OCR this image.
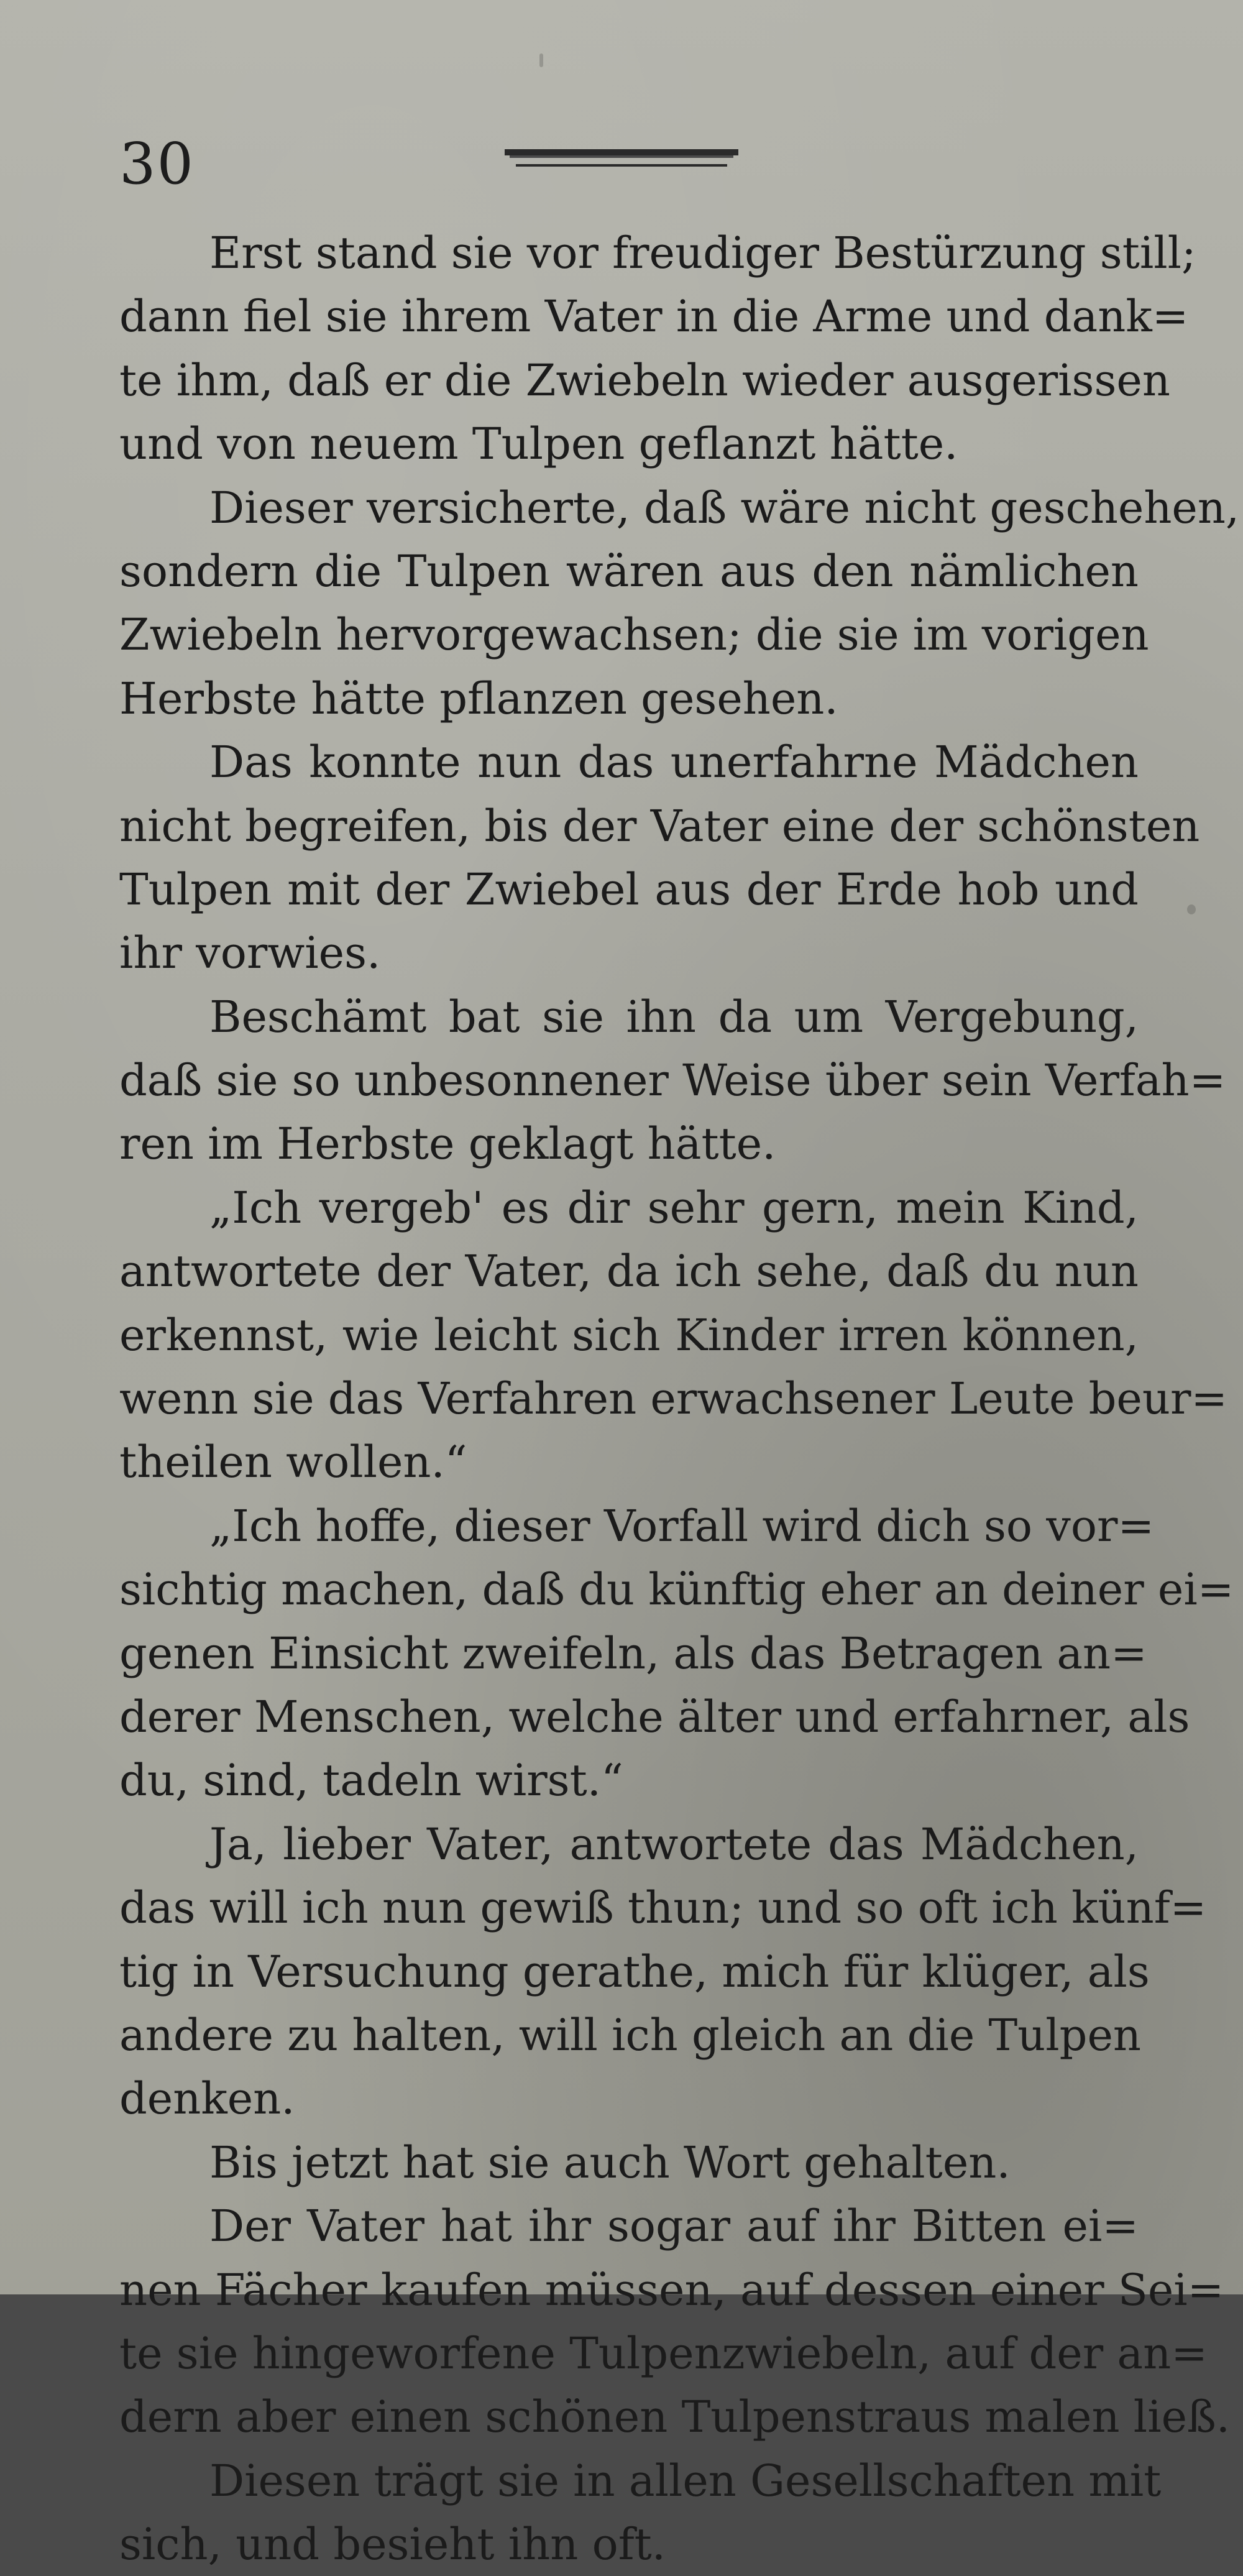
30
Erst stand sie vor freudiger Bestürzung still;
dann fiel sie ihrem Vater in die Arme und dank=
te ihm, daß er die Zwiebeln wieder ausgerissen
und von neuem Tulpen geflanzt hätte.
Dieser versicherte, daß wäre nicht geschehen,
sondern die Tulpen wären aus den nämlichen
Zwiebeln hervorgewachsen; die sie im vorigen
Herbste hätte pflanzen gesehen.
Das konnte nun das unerfahrne Mädchen
nicht begreifen, bis der Vater eine der schönsten
Tulpen mit der Zwiebel aus der Erde hob und
ihr vorwies.
Beschämt bat sie ihn da um Vergebung,
daß sie so unbesonnener Weise über sein Verfah=
ren im Herbste geklagt hätte.
„Ich vergeb' es dir sehr gern, mein Kind,
antwortete der Vater, da ich sehe, daß du nun
erkennst, wie leicht sich Kinder irren können,
wenn sie das Verfahren erwachsener Leute beur=
theilen wollen.“
„Ich hoffe, dieser Vorfall wird dich so vor=
sichtig machen, daß du künftig eher an deiner ei=
genen Einsicht zweifeln, als das Betragen an=
derer Menschen, welche älter und erfahrner, als
du, sind, tadeln wirst.“
Ja, lieber Vater, antwortete das Mädchen,
das will ich nun gewiß thun; und so oft ich künf=
tig in Versuchung gerathe, mich für klüger, als
andere zu halten, will ich gleich an die Tulpen
denken.
Bis jetzt hat sie auch Wort gehalten.
Der Vater hat ihr sogar auf ihr Bitten ei=
nen Fächer kaufen müssen, auf dessen einer Sei=
te sie hingeworfene Tulpenzwiebeln, auf der an=
dern aber einen schönen Tulpenstraus malen ließ.
Diesen trägt sie in allen Gesellschaften mit
sich, und besieht ihn oft.
